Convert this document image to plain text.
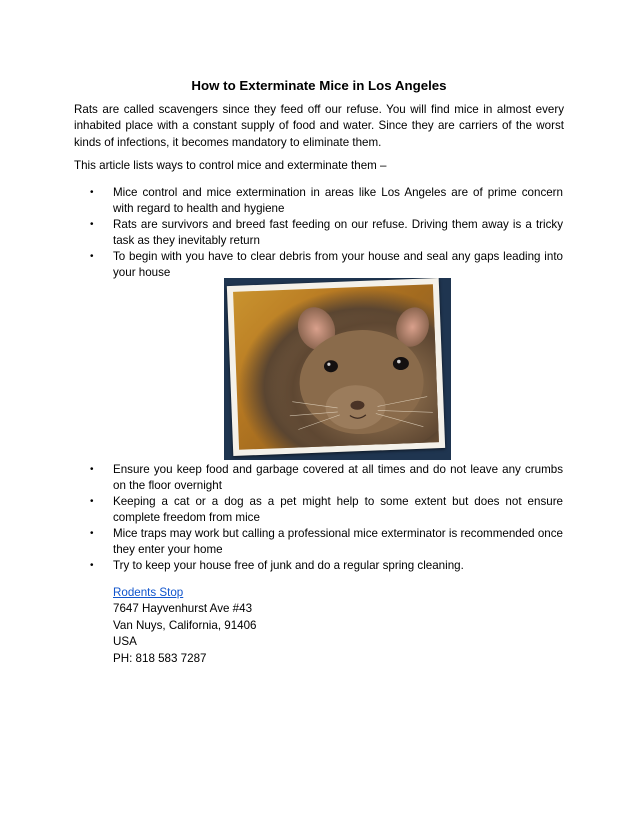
How to Exterminate Mice in Los Angeles

Rats are called scavengers since they feed off our refuse. You will find mice in almost every inhabited place with a constant supply of food and water. Since they are carriers of the worst kinds of infections, it becomes mandatory to eliminate them.

This article lists ways to control mice and exterminate them –

• Mice control and mice extermination in areas like Los Angeles are of prime concern with regard to health and hygiene
• Rats are survivors and breed fast feeding on our refuse. Driving them away is a tricky task as they inevitably return
• To begin with you have to clear debris from your house and seal any gaps leading into your house
• Ensure you keep food and garbage covered at all times and do not leave any crumbs on the floor overnight
• Keeping a cat or a dog as a pet might help to some extent but does not ensure complete freedom from mice
• Mice traps may work but calling a professional mice exterminator is recommended once they enter your home
• Try to keep your house free of junk and do a regular spring cleaning.
Rodents Stop
7647 Hayvenhurst Ave #43
Van Nuys, California, 91406
USA
PH: 818 583 7287
